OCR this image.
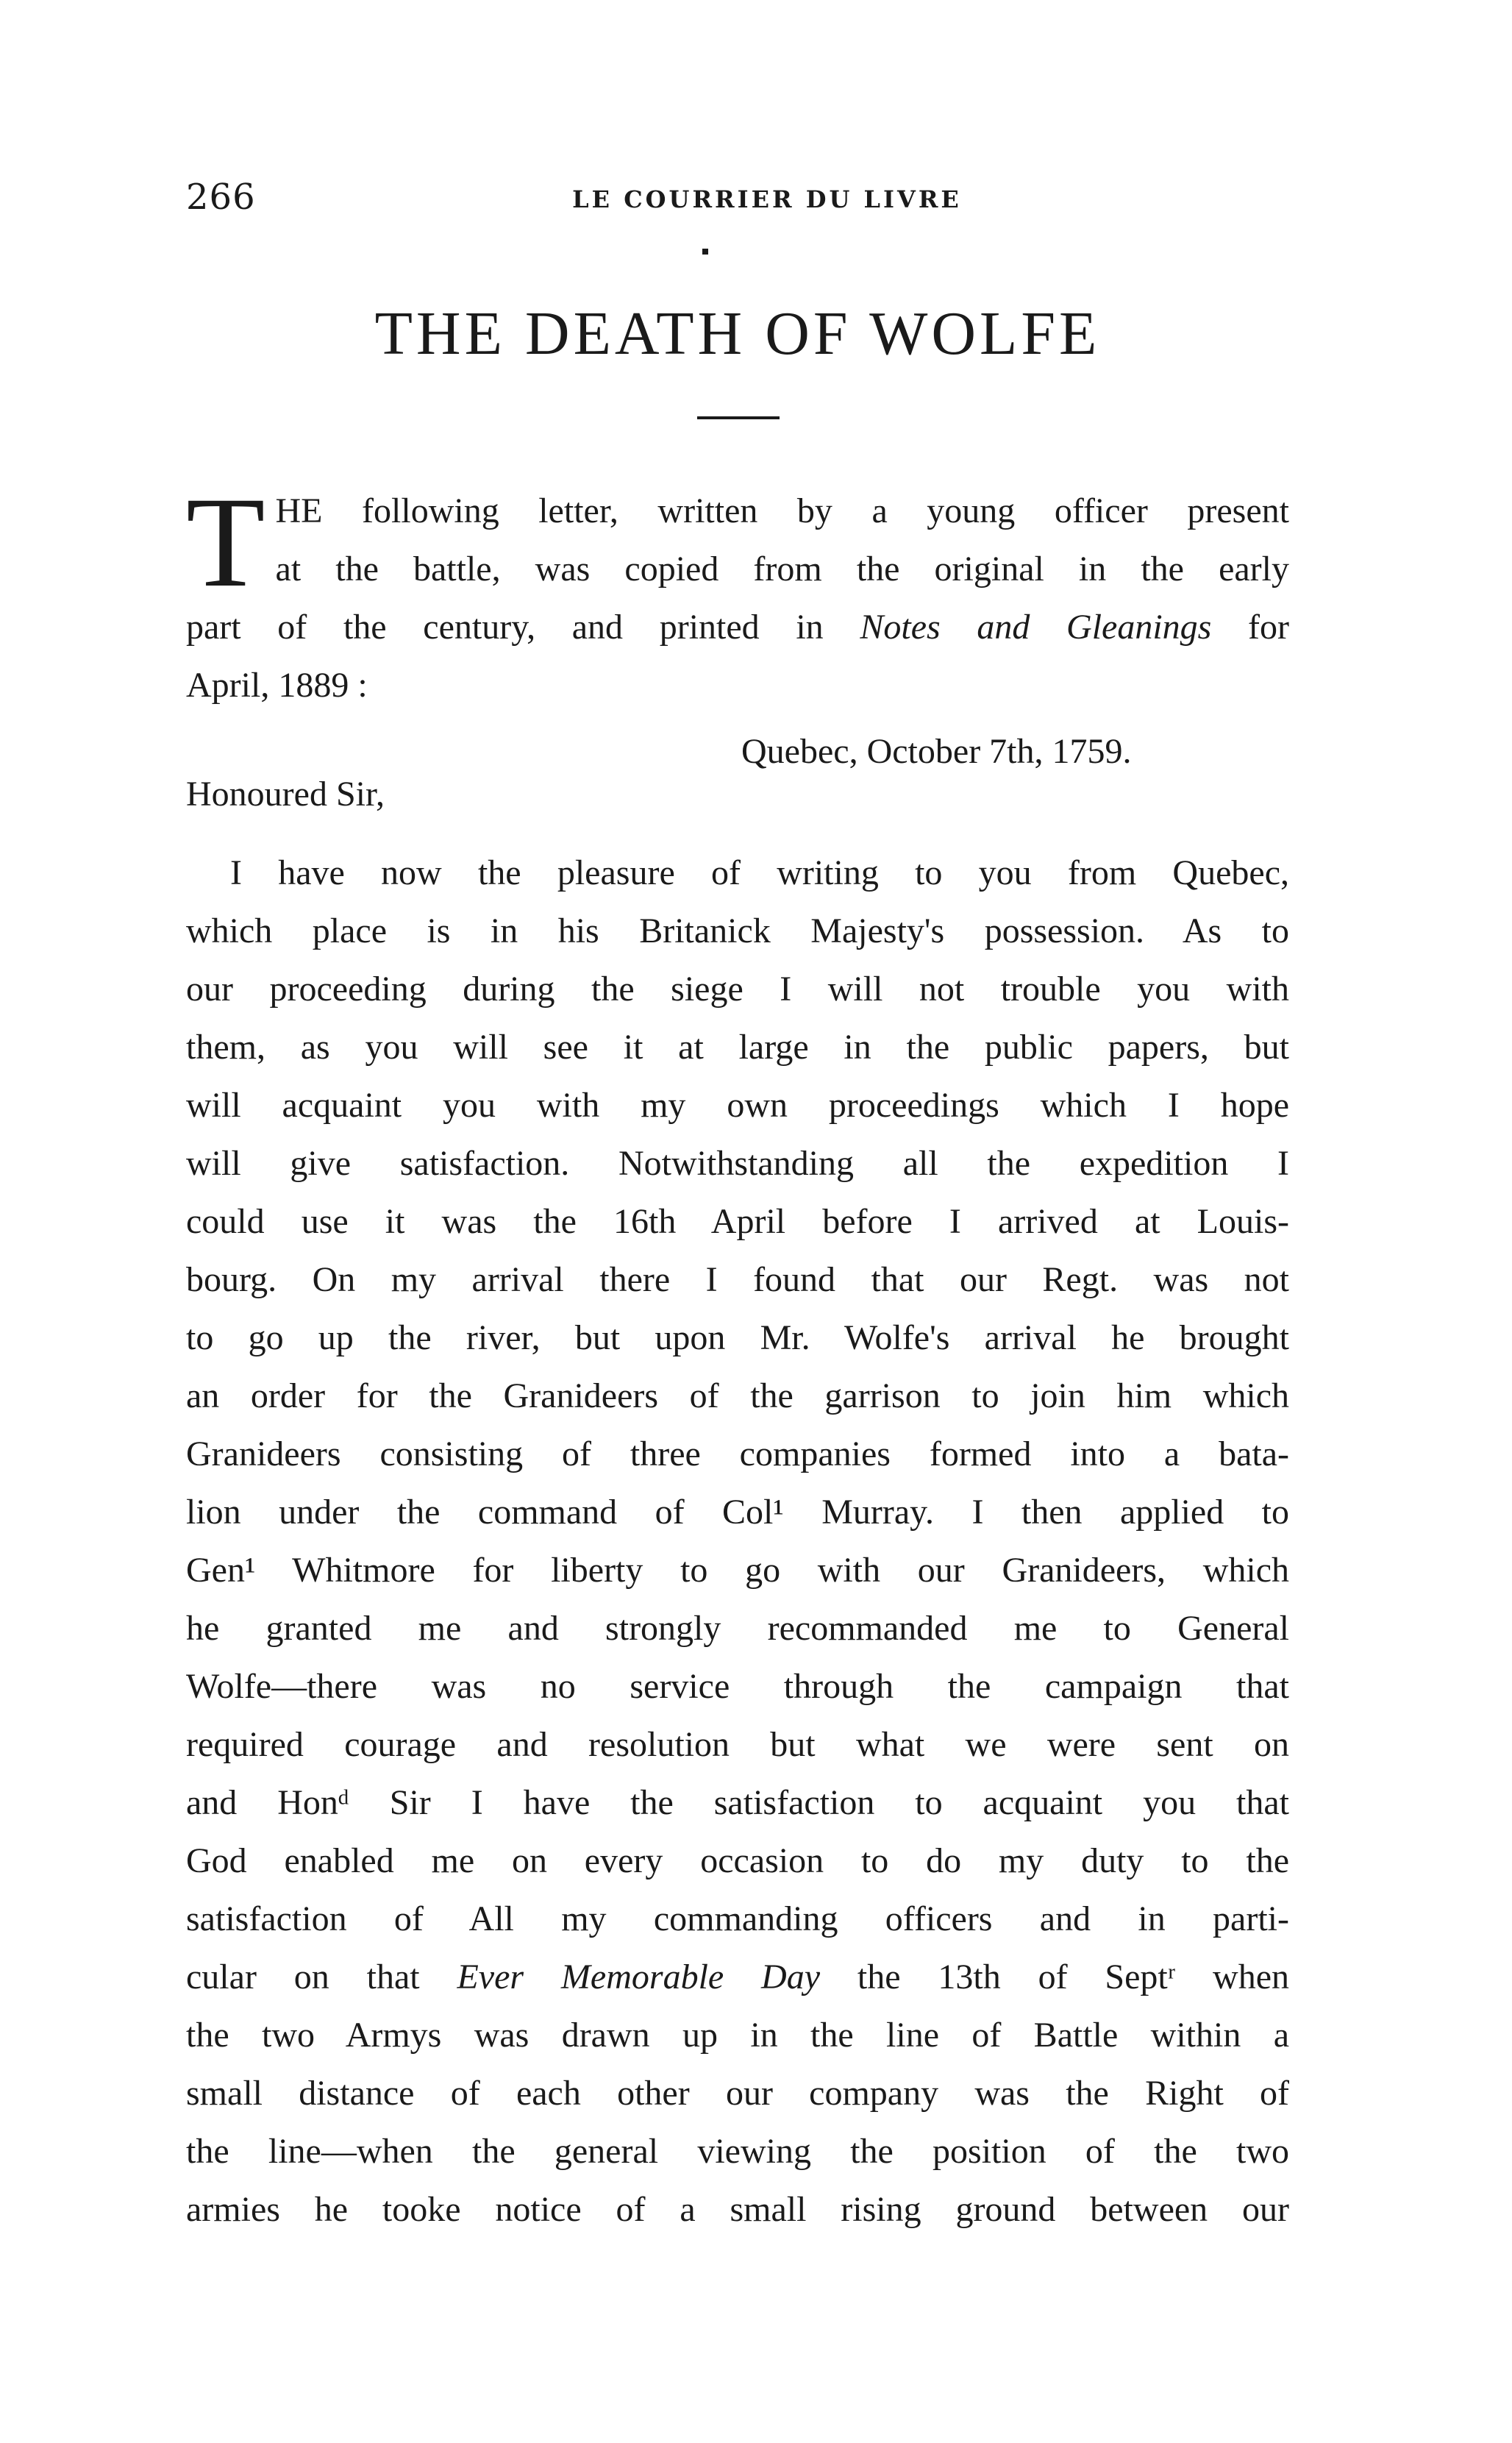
266	LE COURRIER DU LIVRE
THE DEATH OF WOLFE
T HE following letter, written by a young officer present
at the battle, was copied from the original in the early
part of the century, and printed in Notes and Gleanings for
April, 1889 :
Quebec, October 7th, 1759.
Honoured Sir,
I have now the pleasure of writing to you from Quebec,
which place is in his Britanick Majesty's possession. As to
our proceeding during the siege I will not trouble you with
them, as you will see it at large in the public papers, but
will acquaint you with my own proceedings which I hope
will give satisfaction. Notwithstanding all the expedition I
could use it was the 16th April before I arrived at Louis-
bourg. On my arrival there I found that our Regt. was not
to go up the river, but upon Mr. Wolfe's arrival he brought
an order for the Granideers of the garrison to join him which
Granideers consisting of three companies formed into a bata-
lion under the command of Col¹ Murray. I then applied to
Gen¹ Whitmore for liberty to go with our Granideers, which
he granted me and strongly recommanded me to General
Wolfe—there was no service through the campaign that
required courage and resolution but what we were sent on
and Honᵈ Sir I have the satisfaction to acquaint you that
God enabled me on every occasion to do my duty to the
satisfaction of All my commanding officers and in parti-
cular on that Ever Memorable Day the 13th of Septʳ when
the two Armys was drawn up in the line of Battle within a
small distance of each other our company was the Right of
the line—when the general viewing the position of the two
armies he tooke notice of a small rising ground between our
